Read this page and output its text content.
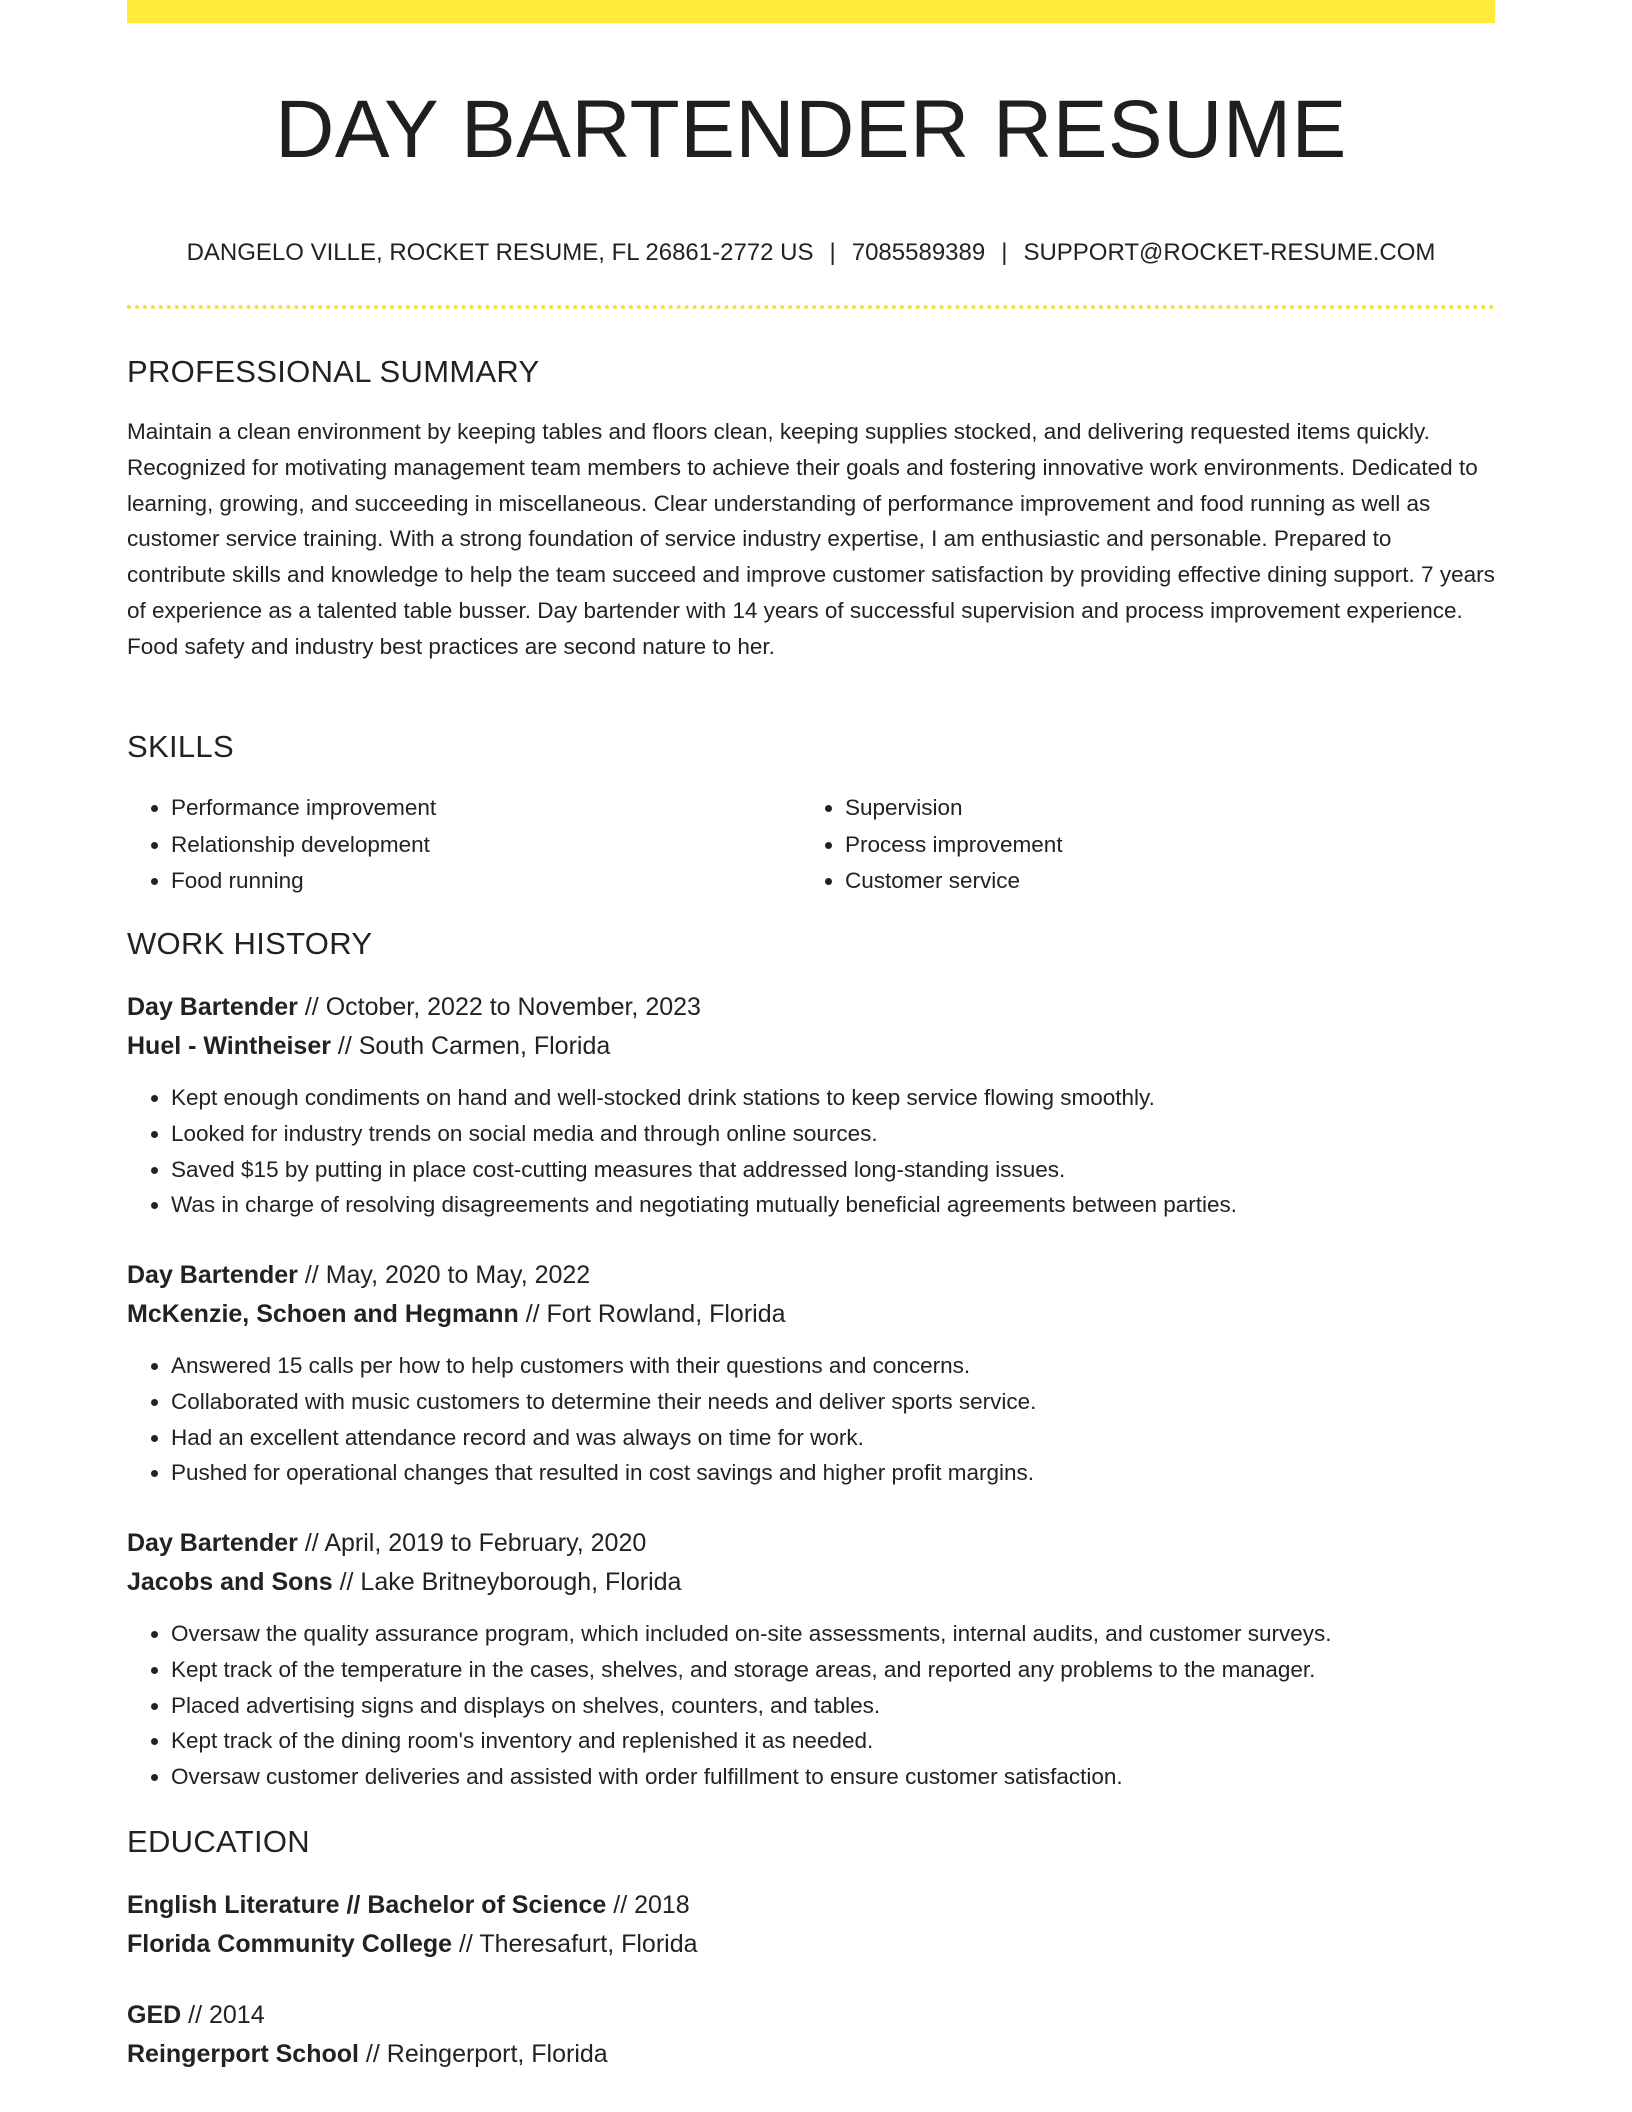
DAY BARTENDER RESUME
DANGELO VILLE, ROCKET RESUME, FL 26861-2772 US | 7085589389 | SUPPORT@ROCKET-RESUME.COM
PROFESSIONAL SUMMARY
Maintain a clean environment by keeping tables and floors clean, keeping supplies stocked, and delivering requested items quickly. Recognized for motivating management team members to achieve their goals and fostering innovative work environments. Dedicated to learning, growing, and succeeding in miscellaneous. Clear understanding of performance improvement and food running as well as customer service training. With a strong foundation of service industry expertise, I am enthusiastic and personable. Prepared to contribute skills and knowledge to help the team succeed and improve customer satisfaction by providing effective dining support. 7 years of experience as a talented table busser. Day bartender with 14 years of successful supervision and process improvement experience. Food safety and industry best practices are second nature to her.
SKILLS
• Performance improvement
• Relationship development
• Food running
• Supervision
• Process improvement
• Customer service
WORK HISTORY
Day Bartender // October, 2022 to November, 2023
Huel - Wintheiser // South Carmen, Florida
• Kept enough condiments on hand and well-stocked drink stations to keep service flowing smoothly.
• Looked for industry trends on social media and through online sources.
• Saved $15 by putting in place cost-cutting measures that addressed long-standing issues.
• Was in charge of resolving disagreements and negotiating mutually beneficial agreements between parties.
Day Bartender // May, 2020 to May, 2022
McKenzie, Schoen and Hegmann // Fort Rowland, Florida
• Answered 15 calls per how to help customers with their questions and concerns.
• Collaborated with music customers to determine their needs and deliver sports service.
• Had an excellent attendance record and was always on time for work.
• Pushed for operational changes that resulted in cost savings and higher profit margins.
Day Bartender // April, 2019 to February, 2020
Jacobs and Sons // Lake Britneyborough, Florida
• Oversaw the quality assurance program, which included on-site assessments, internal audits, and customer surveys.
• Kept track of the temperature in the cases, shelves, and storage areas, and reported any problems to the manager.
• Placed advertising signs and displays on shelves, counters, and tables.
• Kept track of the dining room's inventory and replenished it as needed.
• Oversaw customer deliveries and assisted with order fulfillment to ensure customer satisfaction.
EDUCATION
English Literature // Bachelor of Science // 2018
Florida Community College // Theresafurt, Florida
GED // 2014
Reingerport School // Reingerport, Florida
